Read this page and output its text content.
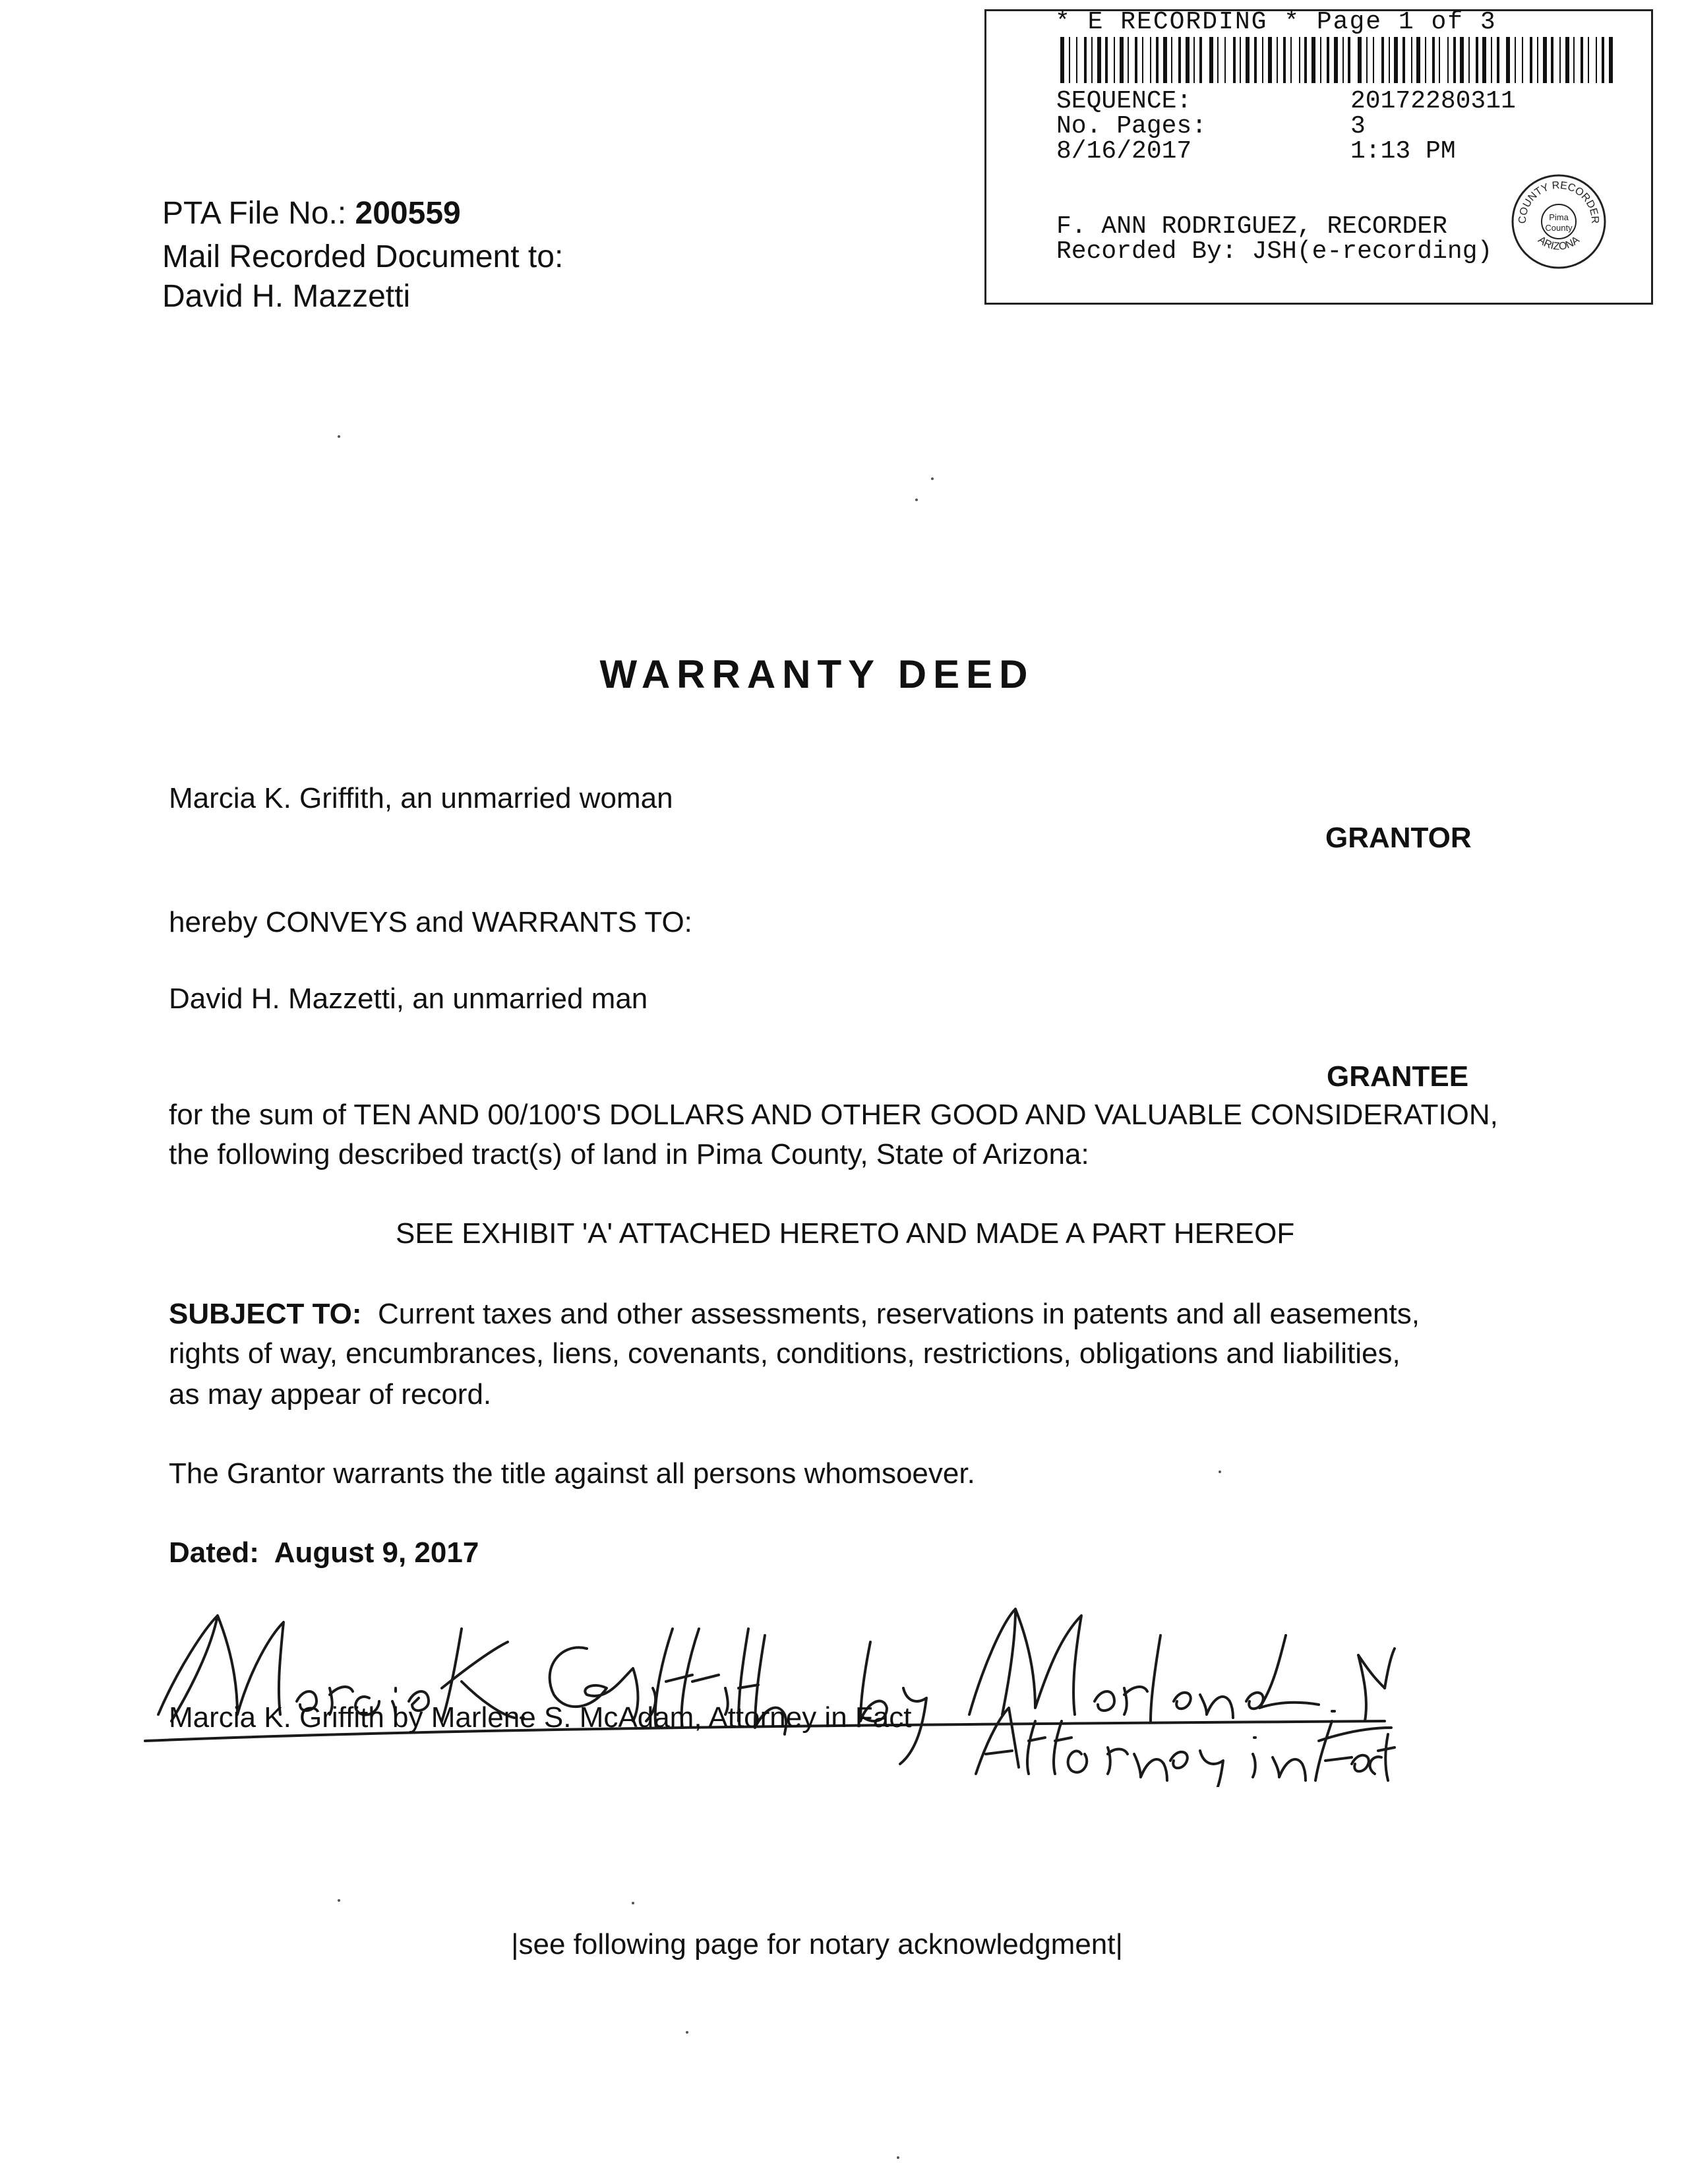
* E RECORDING * Page 1 of 3
SEQUENCE:	20172280311
No. Pages:	3
8/16/2017	1:13 PM
F. ANN RODRIGUEZ, RECORDER
Recorded By: JSH(e-recording)
COUNTY RECORDER
ARIZONA
Pima
County
PTA File No.: 200559
Mail Recorded Document to:
David H. Mazzetti
WARRANTY DEED
Marcia K. Griffith, an unmarried woman
GRANTOR
hereby CONVEYS and WARRANTS TO:
David H. Mazzetti, an unmarried man
GRANTEE
for the sum of TEN AND 00/100'S DOLLARS AND OTHER GOOD AND VALUABLE CONSIDERATION,
the following described tract(s) of land in Pima County, State of Arizona:
SEE EXHIBIT 'A' ATTACHED HERETO AND MADE A PART HEREOF
SUBJECT TO: Current taxes and other assessments, reservations in patents and all easements,
rights of way, encumbrances, liens, covenants, conditions, restrictions, obligations and liabilities,
as may appear of record.
The Grantor warrants the title against all persons whomsoever.
Dated: August 9, 2017
Marcia K. Griffith by Marlene S. McAdam, Attorney in Fact
|see following page for notary acknowledgment|
